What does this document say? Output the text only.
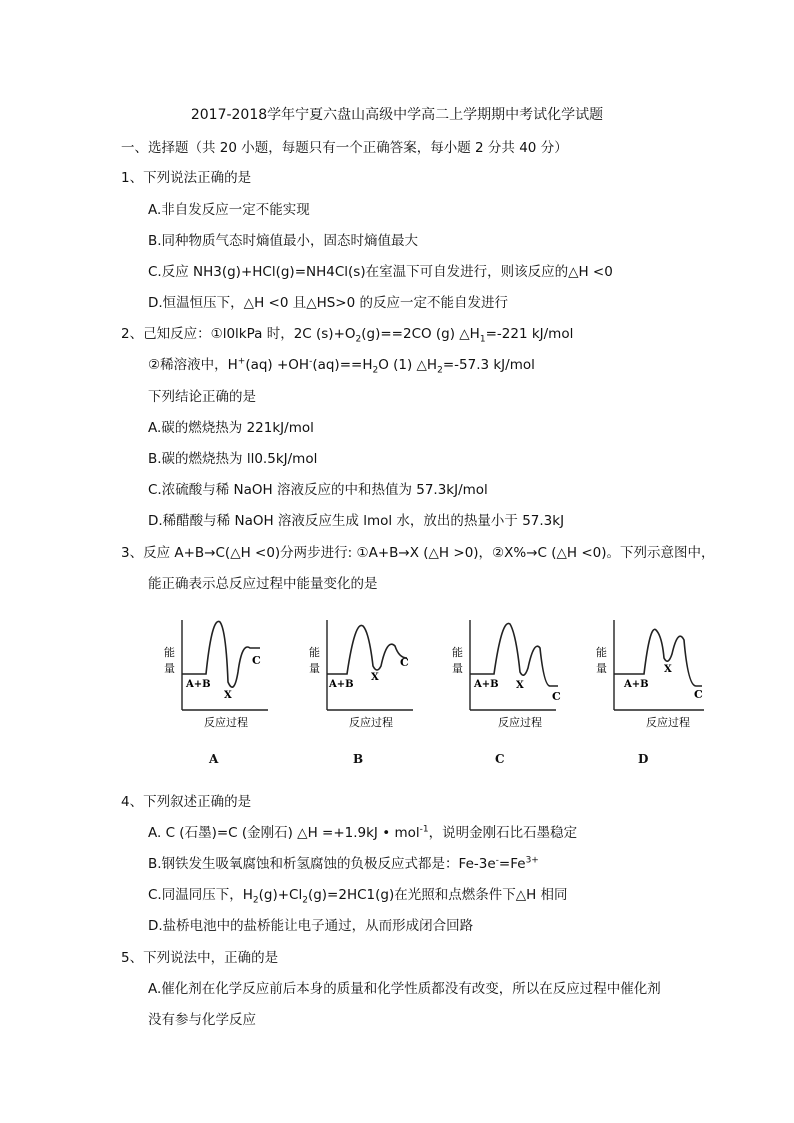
2017-2018学年宁夏六盘山高级中学高二上学期期中考试化学试题
一、选择题（共 20 小题，每题只有一个正确答案，每小题 2 分共 40 分）
1、下列说法正确的是
A.非自发反应一定不能实现
B.同种物质气态时熵值最小，固态时熵值最大
C.反应 NH3(g)+HCl(g)=NH4Cl(s)在室温下可自发进行，则该反应的△H <0
D.恒温恒压下，△H <0 且△HS>0 的反应一定不能自发进行
2、己知反应：①l0lkPa 时，2C $(s)+O_2(g)==2CO$ (g) $\triangle H_1=-221$ kJ/mol
②稀溶液中，$H^+(aq) +OH^-(aq)==H_2O$ (1) $\triangle H_2=-57.3$ kJ/mol
下列结论正确的是
A.碳的燃烧热为 221kJ/mol
B.碳的燃烧热为 ll0.5kJ/mol
C.浓硫酸与稀 NaOH 溶液反应的中和热值为 57.3kJ/mol
D.稀醋酸与稀 NaOH 溶液反应生成 lmol 水，放出的热量小于 57.3kJ
3、反应 A+B→C(△H <0)分两步进行: ①A+B→X (△H >0)，②X%→C (△H <0)。下列示意图中，
能正确表示总反应过程中能量变化的是
能
量
A+B
X
C
反应过程
能
量
A+B
X
C
反应过程
能
量
A+B X
C
反应过程
能
量
A+B
X
C
反应过程
A	B	C	D
4、下列叙述正确的是
A. C (石墨)=C (金刚石) △H =+1.9kJ • mol$^{-1}$，说明金刚石比石墨稳定
B.钢铁发生吸氧腐蚀和析氢腐蚀的负极反应式都是：$Fe-3e^-=Fe^{3+}$
C.同温同压下，$H_2(g)+Cl_2(g)=2HC1(g)$在光照和点燃条件下△H 相同
D.盐桥电池中的盐桥能让电子通过，从而形成闭合回路
5、下列说法中，正确的是
A.催化剂在化学反应前后本身的质量和化学性质都没有改变，所以在反应过程中催化剂
没有参与化学反应
